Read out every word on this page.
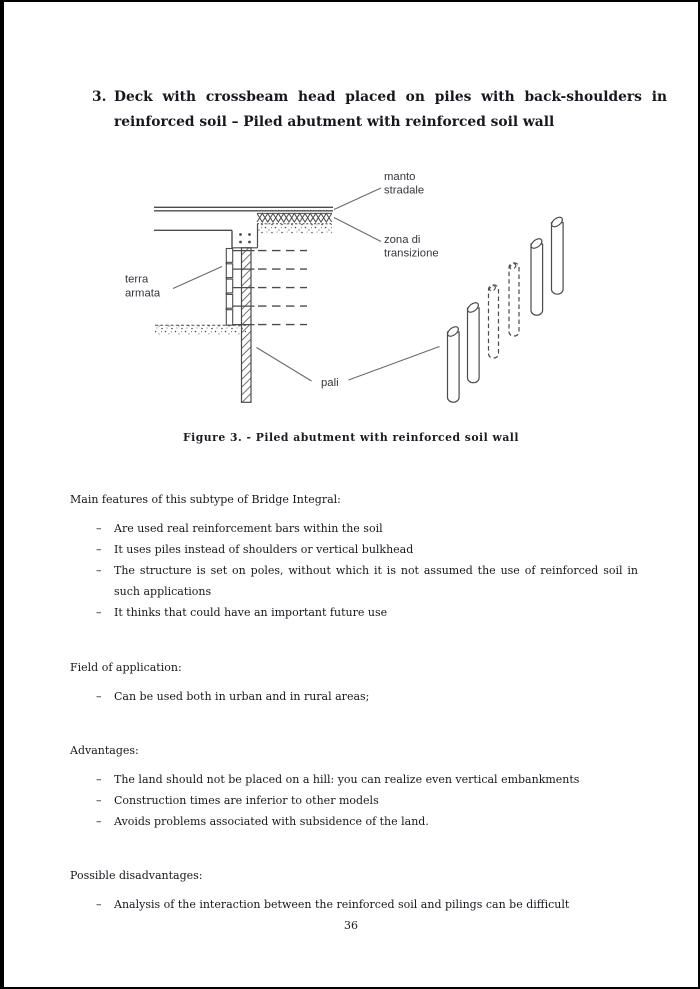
3. Deck with crossbeam head placed on piles with back-shoulders in
reinforced soil – Piled abutment with reinforced soil wall
manto
stradale
zona di
transizione
terra
armata
pali
Figure 3. - Piled abutment with reinforced soil wall
Main features of this subtype of Bridge Integral:
– Are used real reinforcement bars within the soil
– It uses piles instead of shoulders or vertical bulkhead
– The structure is set on poles, without which it is not assumed the use of reinforced soil in such applications
– It thinks that could have an important future use
Field of application:
– Can be used both in urban and in rural areas;
Advantages:
– The land should not be placed on a hill: you can realize even vertical embankments
– Construction times are inferior to other models
– Avoids problems associated with subsidence of the land.
Possible disadvantages:
– Analysis of the interaction between the reinforced soil and pilings can be difficult
36
